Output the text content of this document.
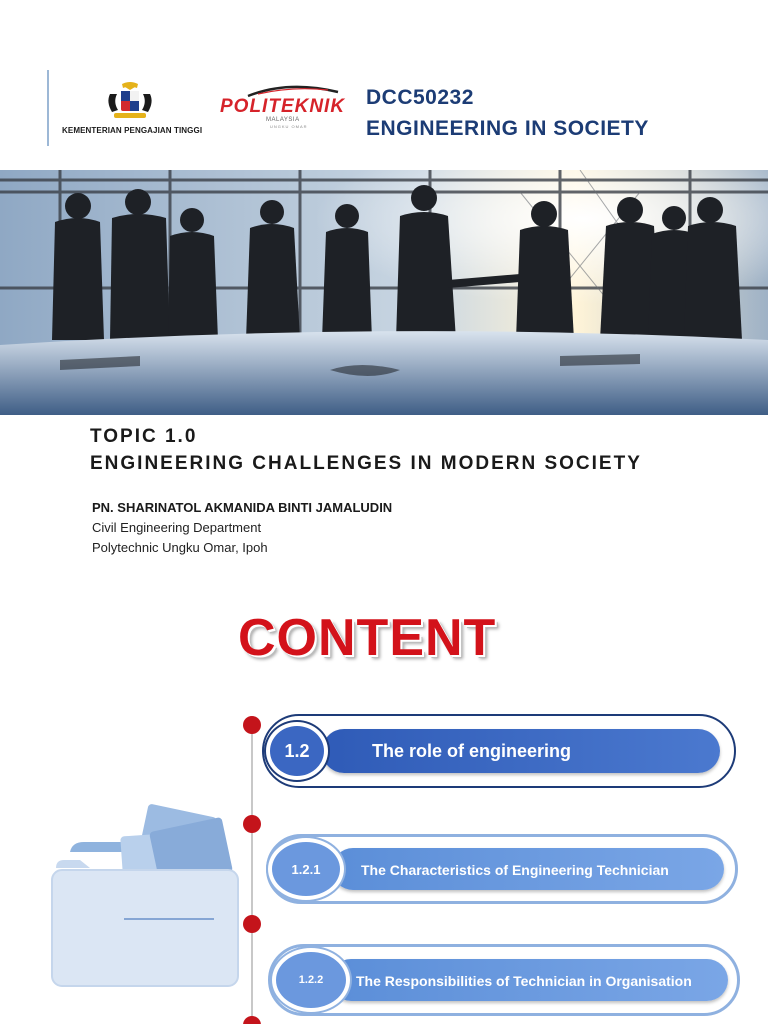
KEMENTERIAN PENGAJIAN TINGGI
POLITEKNIK
MALAYSIA
UNGKU OMAR
DCC50232
ENGINEERING IN SOCIETY
TOPIC 1.0
ENGINEERING CHALLENGES IN MODERN SOCIETY
PN. SHARINATOL AKMANIDA BINTI JAMALUDIN
Civil Engineering Department
Polytechnic Ungku Omar, Ipoh
CONTENT
1.2	The role of engineering
1.2.1	The Characteristics of Engineering Technician
1.2.2 The Responsibilities of Technician in Organisation
